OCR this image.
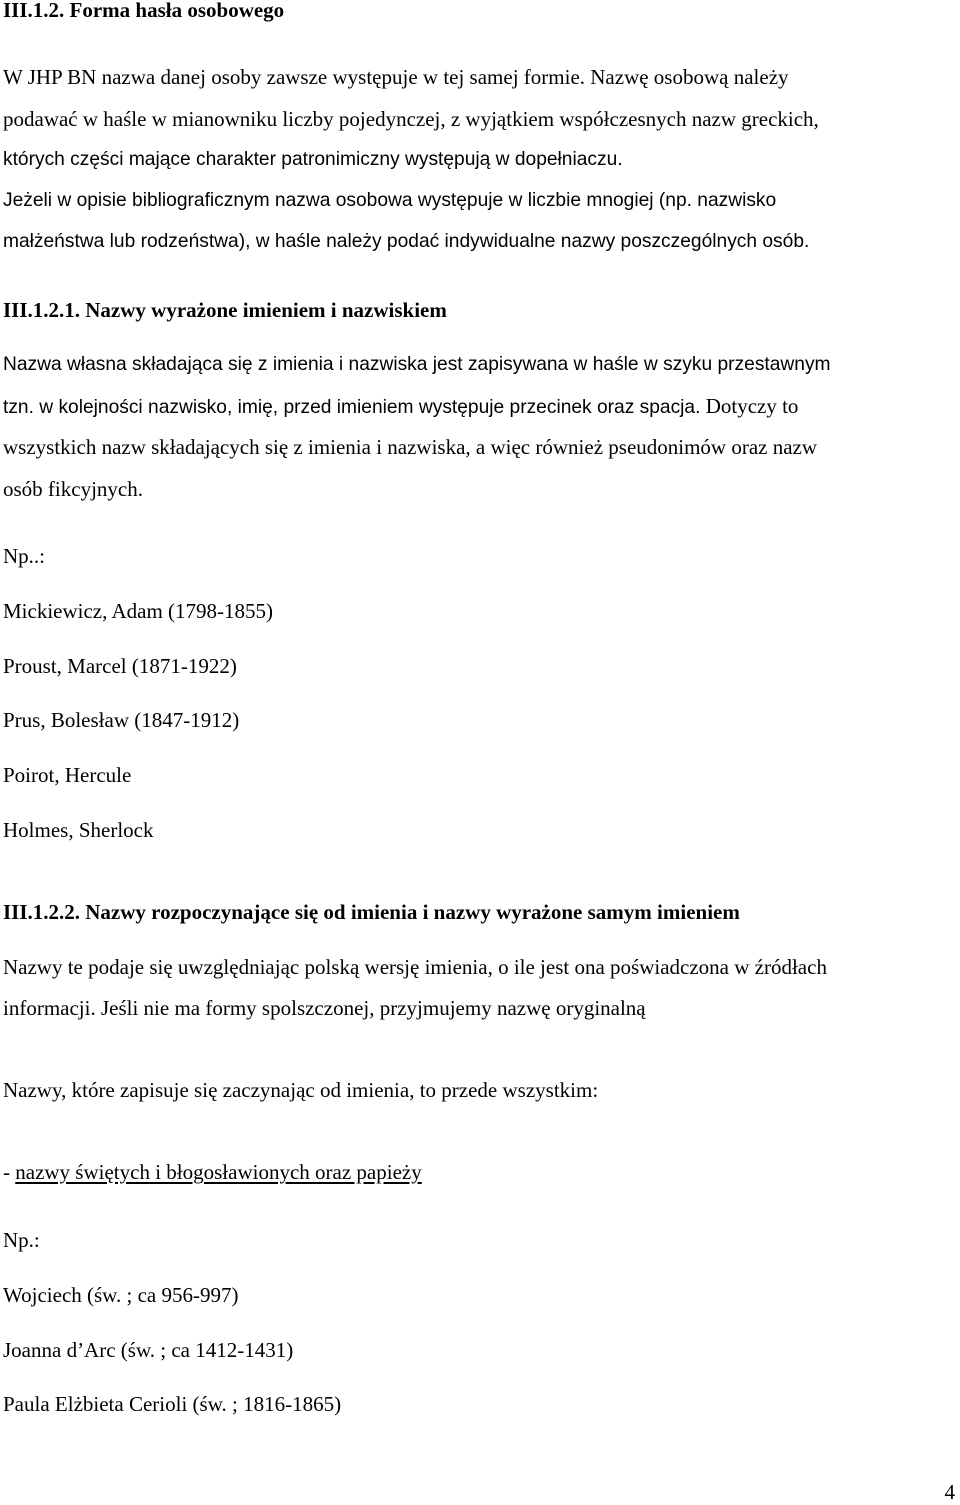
III.1.2. Forma hasła osobowego
W JHP BN nazwa danej osoby zawsze występuje w tej samej formie. Nazwę osobową należy
podawać w haśle w mianowniku liczby pojedynczej, z wyjątkiem współczesnych nazw greckich,
których części mające charakter patronimiczny występują w dopełniaczu.
Jeżeli w opisie bibliograficznym nazwa osobowa występuje w liczbie mnogiej (np. nazwisko
małżeństwa lub rodzeństwa), w haśle należy podać indywidualne nazwy poszczególnych osób.
III.1.2.1. Nazwy wyrażone imieniem i nazwiskiem
Nazwa własna składająca się z imienia i nazwiska jest zapisywana w haśle w szyku przestawnym
tzn. w kolejności nazwisko, imię, przed imieniem występuje przecinek oraz spacja. Dotyczy to
wszystkich nazw składających się z imienia i nazwiska, a więc również pseudonimów oraz nazw
osób fikcyjnych.
Np..:
Mickiewicz, Adam (1798-1855)
Proust, Marcel (1871-1922)
Prus, Bolesław (1847-1912)
Poirot, Hercule
Holmes, Sherlock
III.1.2.2. Nazwy rozpoczynające się od imienia i nazwy wyrażone samym imieniem
Nazwy te podaje się uwzględniając polską wersję imienia, o ile jest ona poświadczona w źródłach
informacji. Jeśli nie ma formy spolszczonej, przyjmujemy nazwę oryginalną
Nazwy, które zapisuje się zaczynając od imienia, to przede wszystkim:
- nazwy świętych i błogosławionych oraz papieży
Np.:
Wojciech (św. ; ca 956-997)
Joanna d’Arc (św. ; ca 1412-1431)
Paula Elżbieta Cerioli (św. ; 1816-1865)
4
